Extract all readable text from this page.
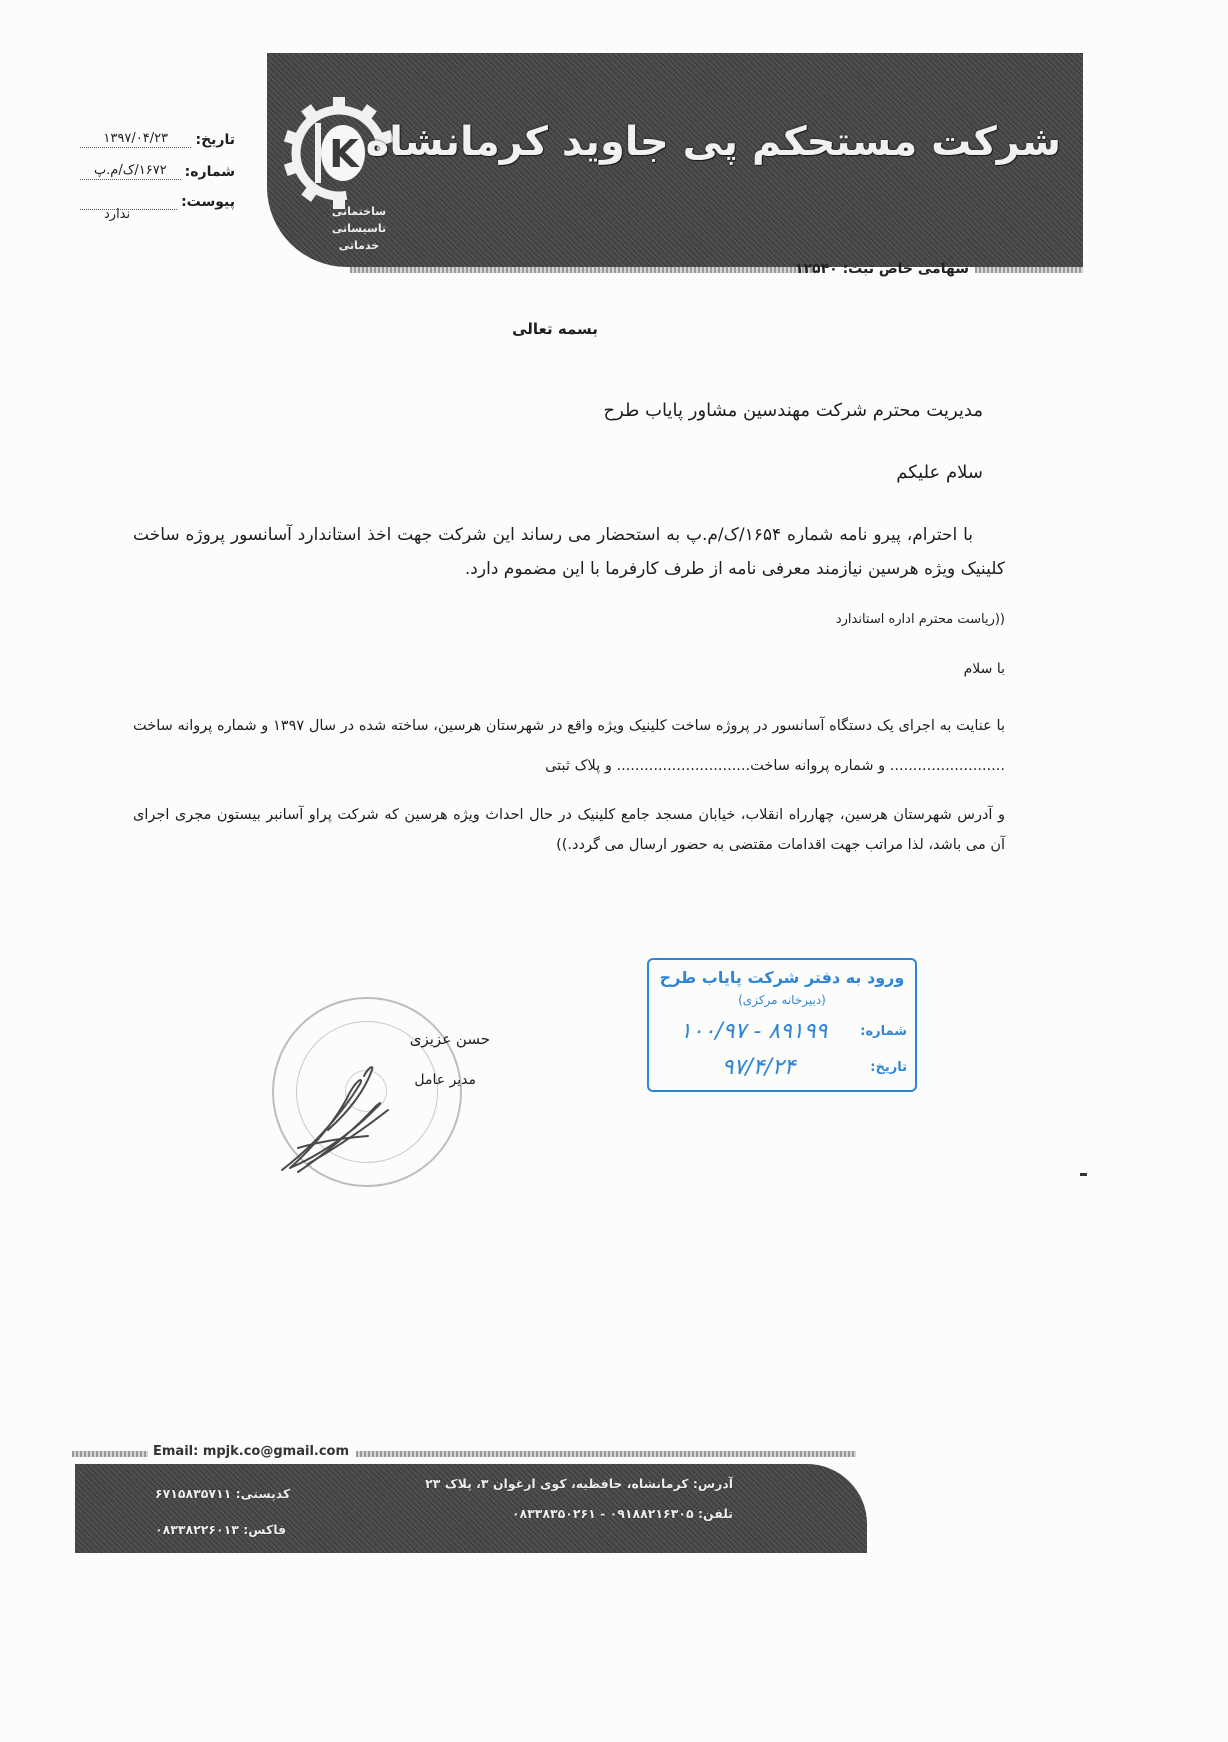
K
ساختمانی
تاسیساتی
خدماتی
شرکت مستحکم پی جاوید کرمانشاه
سهامی خاص ثبت: ۱۲۵۴۰
تاریخ:
۱۳۹۷/۰۴/۲۳
شماره:
۱۶۷۲/ک/م.پ
پیوست:
ندارد
بسمه تعالی
مدیریت محترم شرکت مهندسین مشاور پایاب طرح
سلام علیکم
با احترام، پیرو نامه شماره ۱۶۵۴/ک/م.پ به استحضار می رساند این شرکت جهت اخذ استاندارد آسانسور پروژه ساخت کلینیک ویژه هرسین نیازمند معرفی نامه از طرف کارفرما با این مضموم دارد.
((ریاست محترم اداره استاندارد
با سلام
با عنایت به اجرای یک دستگاه آسانسور در پروژه ساخت کلینیک ویژه واقع در شهرستان هرسین، ساخته شده در سال ۱۳۹۷ و شماره پروانه ساخت ......................... و شماره پروانه ساخت............................. و پلاک ثبتی
و آدرس شهرستان هرسین، چهارراه انقلاب، خیابان مسجد جامع کلینیک در حال احداث ویژه هرسین که شرکت پراو آسانبر بیستون مجری اجرای آن می باشد، لذا مراتب جهت اقدامات مقتضی به حضور ارسال می گردد.))
ورود به دفتر شرکت پایاب طرح
(دبیرخانه مرکزی)
شماره:
۱۰۰/۹۷ - ۸۹۱۹۹
تاریخ:
۹۷/۴/۲۴
حسن عزیزی
مدیر عامل
Email: mpjk.co@gmail.com
آدرس: کرمانشاه، حافظیه، کوی ارغوان ۳، پلاک ۲۳
کدپستی: ۶۷۱۵۸۳۵۷۱۱
تلفن: ۰۹۱۸۸۲۱۶۳۰۵ - ۰۸۳۳۸۳۵۰۲۶۱
فاکس: ۰۸۳۳۸۲۲۶۰۱۳
